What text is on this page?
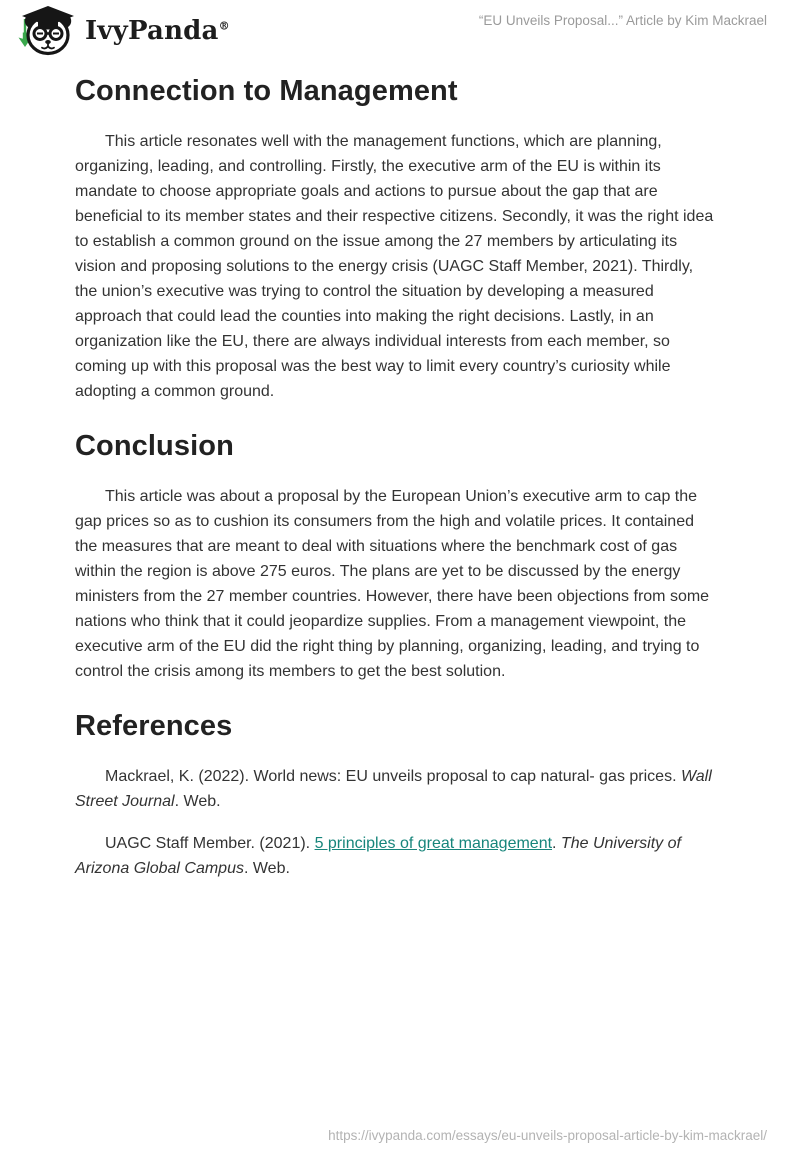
IvyPanda®	“EU Unveils Proposal...” Article by Kim Mackrael
Connection to Management

This article resonates well with the management functions, which are planning, organizing, leading, and controlling. Firstly, the executive arm of the EU is within its mandate to choose appropriate goals and actions to pursue about the gap that are beneficial to its member states and their respective citizens. Secondly, it was the right idea to establish a common ground on the issue among the 27 members by articulating its vision and proposing solutions to the energy crisis (UAGC Staff Member, 2021). Thirdly, the union’s executive was trying to control the situation by developing a measured approach that could lead the counties into making the right decisions. Lastly, in an organization like the EU, there are always individual interests from each member, so coming up with this proposal was the best way to limit every country’s curiosity while adopting a common ground.

Conclusion

This article was about a proposal by the European Union’s executive arm to cap the gap prices so as to cushion its consumers from the high and volatile prices. It contained the measures that are meant to deal with situations where the benchmark cost of gas within the region is above 275 euros. The plans are yet to be discussed by the energy ministers from the 27 member countries. However, there have been objections from some nations who think that it could jeopardize supplies. From a management viewpoint, the executive arm of the EU did the right thing by planning, organizing, leading, and trying to control the crisis among its members to get the best solution.

References

Mackrael, K. (2022). World news: EU unveils proposal to cap natural- gas prices. Wall Street Journal. Web.

UAGC Staff Member. (2021). 5 principles of great management. The University of Arizona Global Campus. Web.

https://ivypanda.com/essays/eu-unveils-proposal-article-by-kim-mackrael/
